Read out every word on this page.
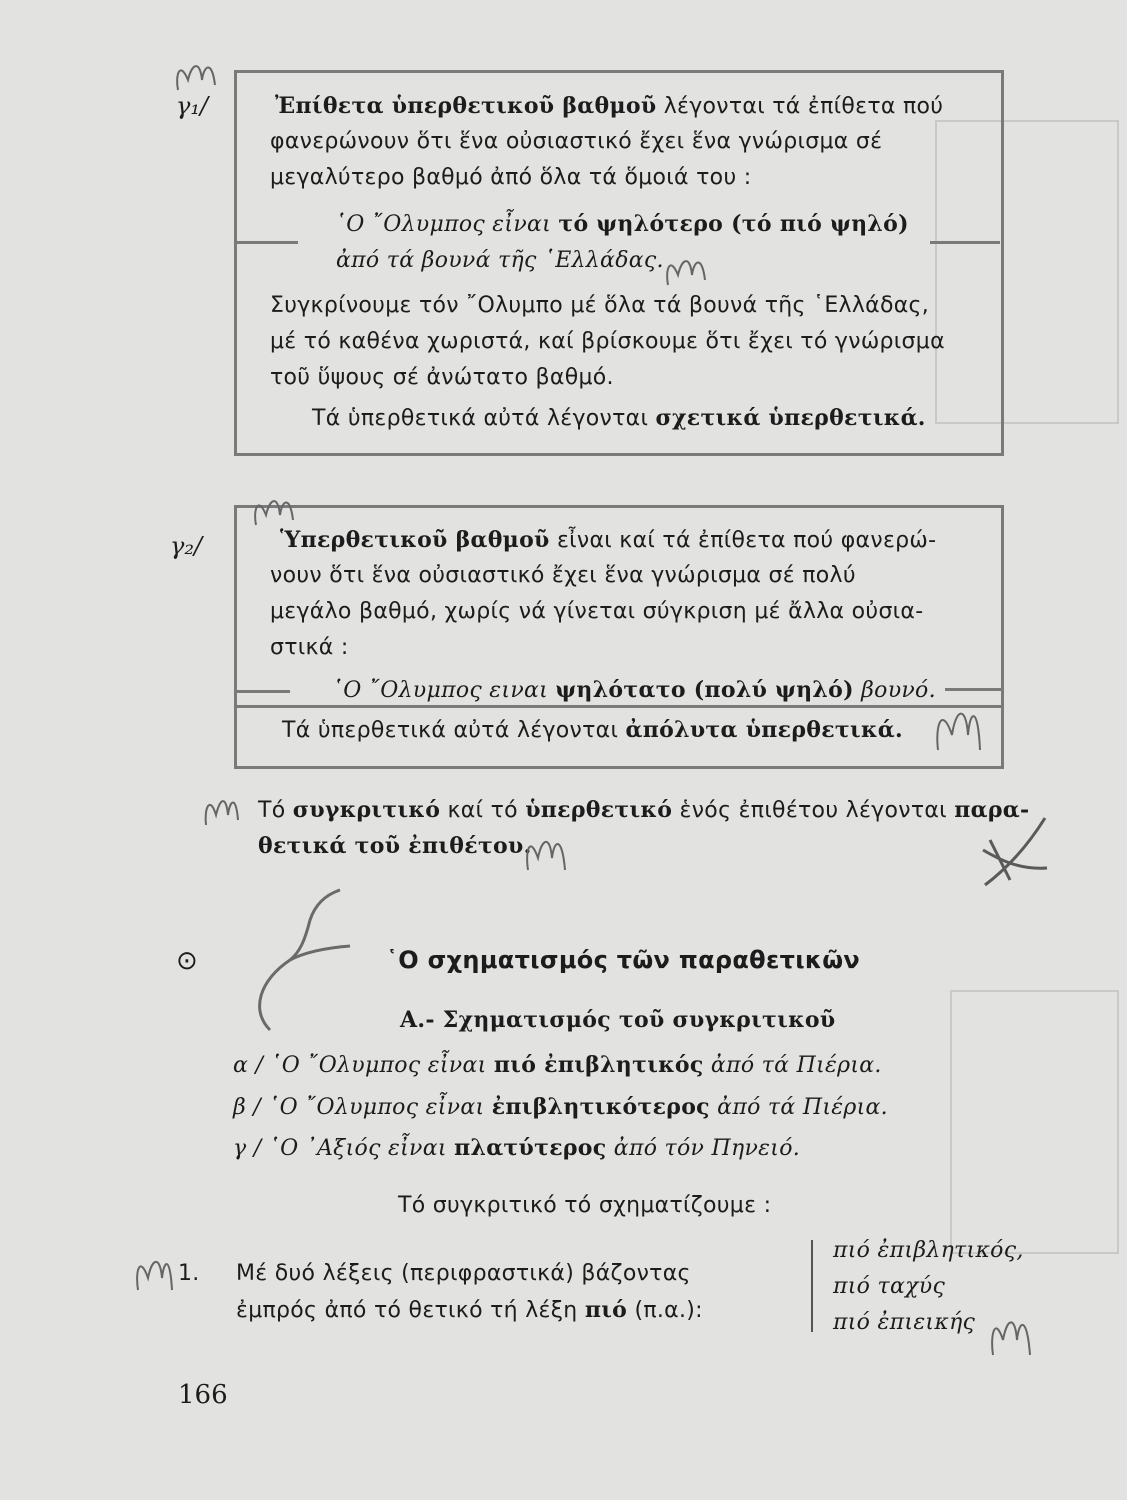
γ₁/	Ἐπίθετα ὑπερθετικοῦ βαθμοῦ λέγονται τά ἐπίθετα πού
φανερώνουν ὅτι ἕνα οὐσιαστικό ἔχει ἕνα γνώρισμα σέ
μεγαλύτερο βαθμό ἀπό ὅλα τά ὅμοιά του :
῾Ο ῎Ολυμπος εἶναι τό ψηλότερο (τό πιό ψηλό)
ἀπό τά βουνά τῆς ῾Ελλάδας.
Συγκρίνουμε τόν ῎Ολυμπο μέ ὅλα τά βουνά τῆς ῾Ελλάδας,
μέ τό καθένα χωριστά, καί βρίσκουμε ὅτι ἔχει τό γνώρισμα
τοῦ ὕψους σέ ἀνώτατο βαθμό.
Τά ὑπερθετικά αὐτά λέγονται σχετικά ὑπερθετικά.
γ₂/	Ὑπερθετικοῦ βαθμοῦ εἶναι καί τά ἐπίθετα πού φανερώ-
νουν ὅτι ἕνα οὐσιαστικό ἔχει ἕνα γνώρισμα σέ πολύ
μεγάλο βαθμό, χωρίς νά γίνεται σύγκριση μέ ἄλλα οὐσια-
στικά :
῾Ο ῎Ολυμπος ειναι ψηλότατο (πολύ ψηλό) βουνό.
Τά ὑπερθετικά αὐτά λέγονται ἀπόλυτα ὑπερθετικά.
Τό συγκριτικό καί τό ὑπερθετικό ἑνός ἐπιθέτου λέγονται παρα-
θετικά τοῦ ἐπιθέτου.
⊙	῾Ο σχηματισμός τῶν παραθετικῶν
Α.- Σχηματισμός τοῦ συγκριτικοῦ
α / ῾Ο ῎Ολυμπος εἶναι πιό ἐπιβλητικός ἀπό τά Πιέρια.
β / ῾Ο ῎Ολυμπος εἶναι ἐπιβλητικότερος ἀπό τά Πιέρια.
γ / ῾Ο ᾽Αξιός εἶναι πλατύτερος ἀπό τόν Πηνειό.
Τό συγκριτικό τό σχηματίζουμε :
1. Μέ δυό λέξεις (περιφραστικά) βάζοντας
ἐμπρός ἀπό τό θετικό τή λέξη πιό (π.α.):
πιό ἐπιβλητικός,
πιό ταχύς
πιό ἐπιεικής
166
